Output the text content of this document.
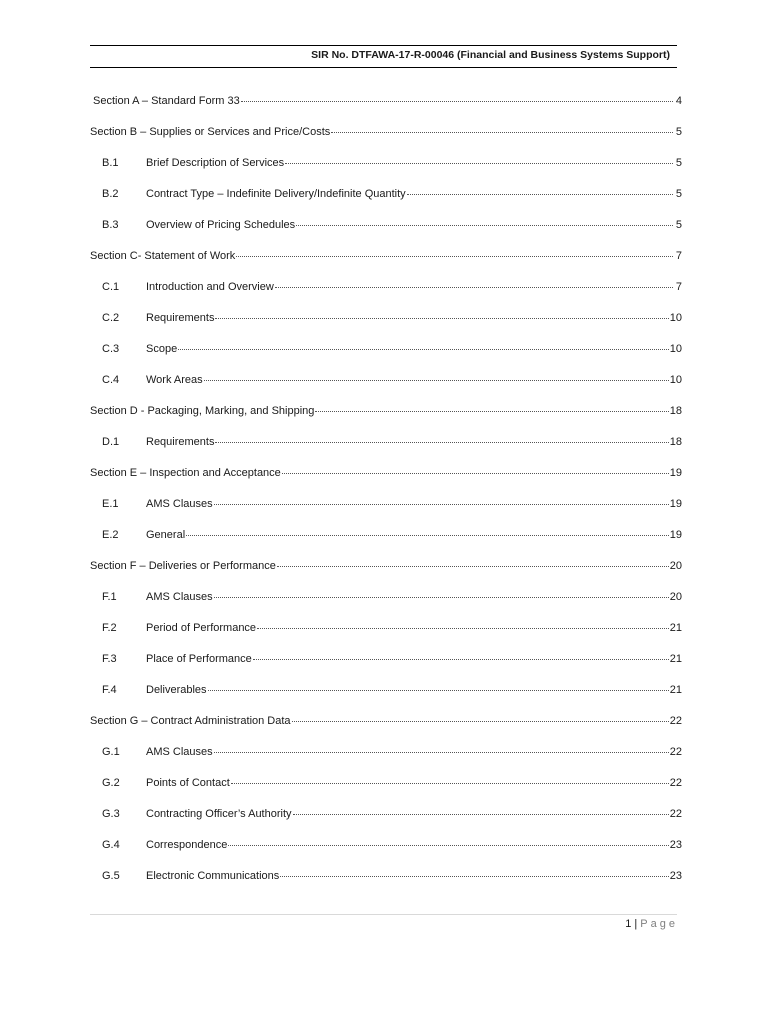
SIR No. DTFAWA-17-R-00046 (Financial and Business Systems Support)
Section A – Standard Form 33	4
Section B – Supplies or Services and Price/Costs	5
B.1	Brief Description of Services	5
B.2	Contract Type – Indefinite Delivery/Indefinite Quantity	5
B.3	Overview of Pricing Schedules	5
Section C- Statement of Work	7
C.1	Introduction and Overview	7
C.2	Requirements	10
C.3	Scope	10
C.4	Work Areas	10
Section D - Packaging, Marking, and Shipping	18
D.1	Requirements	18
Section E – Inspection and Acceptance	19
E.1	AMS Clauses	19
E.2	General	19
Section F – Deliveries or Performance	20
F.1	AMS Clauses	20
F.2	Period of Performance	21
F.3	Place of Performance	21
F.4	Deliverables	21
Section G – Contract Administration Data	22
G.1	AMS Clauses	22
G.2	Points of Contact	22
G.3	Contracting Officer’s Authority	22
G.4	Correspondence	23
G.5	Electronic Communications	23
1 | Page
